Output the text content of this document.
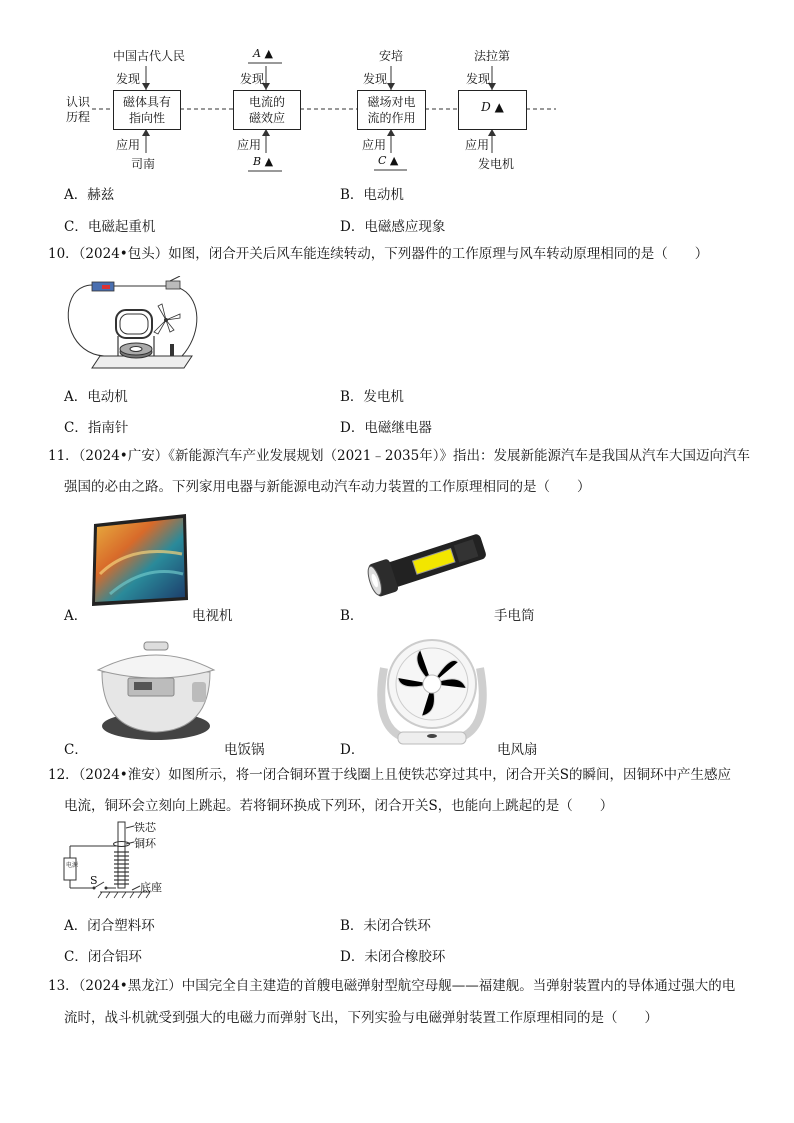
认识
历程
中国古代人民	A ▲	安培	法拉第
发现	发现	发现	发现
磁体具有
指向性
电流的
磁效应
磁场对电
流的作用
D ▲
应用	应用	应用	应用
司南	B ▲	C ▲	发电机
A．赫兹	B．电动机
C．电磁起重机	D．电磁感应现象
10．（2024•包头）如图，闭合开关后风车能连续转动，下列器件的工作原理与风车转动原理相同的是（　　）
A．电动机	B．发电机
C．指南针	D．电磁继电器
11．（2024•广安）《新能源汽车产业发展规划（2021﹣2035年）》指出：发展新能源汽车是我国从汽车大国迈向汽车
强国的必由之路。下列家用电器与新能源电动汽车动力装置的工作原理相同的是（　　）
A．	电视机	B．	手电筒
C．	电饭锅	D．	电风扇
12．（2024•淮安）如图所示，将一闭合铜环置于线圈上且使铁芯穿过其中，闭合开关S的瞬间，因铜环中产生感应
电流，铜环会立刻向上跳起。若将铜环换成下列环，闭合开关S，也能向上跳起的是（　　）
电源
S
铁芯
铜环
底座
A．闭合塑料环	B．未闭合铁环
C．闭合铝环	D．未闭合橡胶环
13．（2024•黑龙江）中国完全自主建造的首艘电磁弹射型航空母舰——福建舰。当弹射装置内的导体通过强大的电
流时，战斗机就受到强大的电磁力而弹射飞出，下列实验与电磁弹射装置工作原理相同的是（　　）
